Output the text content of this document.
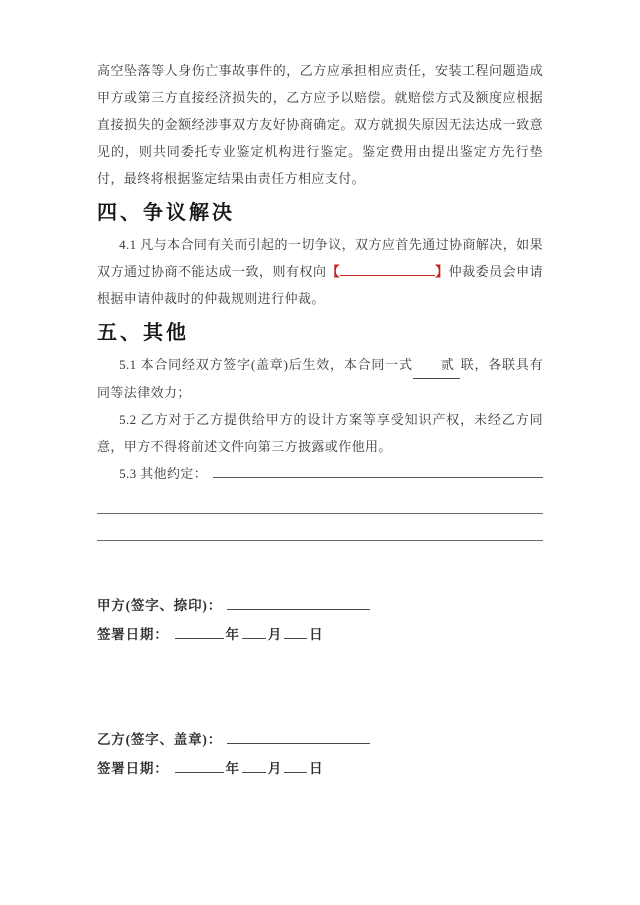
高空坠落等人身伤亡事故事件的，乙方应承担相应责任，安装工程问题造成甲方或第三方直接经济损失的，乙方应予以赔偿。就赔偿方式及额度应根据直接损失的金额经涉事双方友好协商确定。双方就损失原因无法达成一致意见的，则共同委托专业鉴定机构进行鉴定。鉴定费用由提出鉴定方先行垫付，最终将根据鉴定结果由责任方相应支付。

四、争议解决

4.1 凡与本合同有关而引起的一切争议，双方应首先通过协商解决，如果双方通过协商不能达成一致，则有权向【	】仲裁委员会申请根据申请仲裁时的仲裁规则进行仲裁。

五、其他

5.1 本合同经双方签字(盖章)后生效，本合同一式 贰 联，各联具有同等法律效力；

5.2 乙方对于乙方提供给甲方的设计方案等享受知识产权，未经乙方同意，甲方不得将前述文件向第三方披露或作他用。

5.3 其他约定：
甲方(签字、捺印)：
签署日期：	年 月 日
乙方(签字、盖章)：
签署日期：	年 月 日
